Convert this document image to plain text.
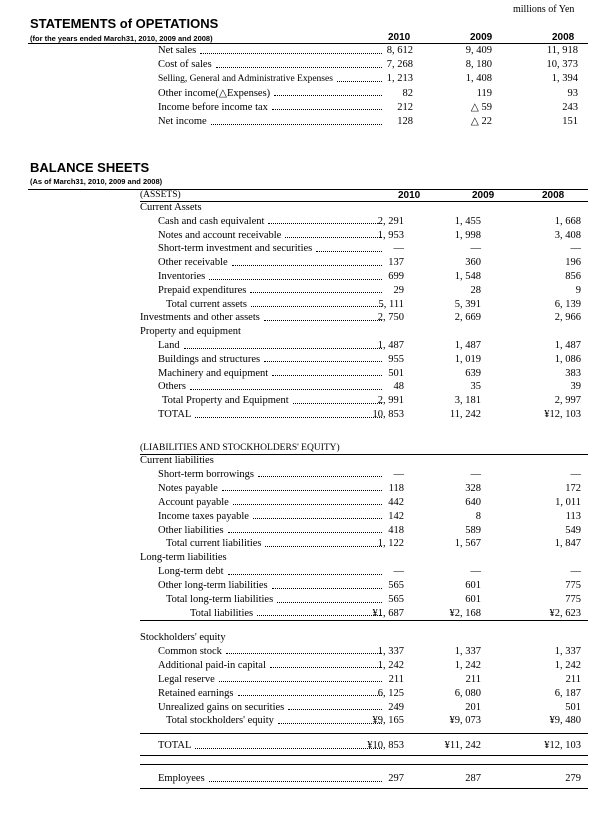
millions of Yen
STATEMENTS of OPETATIONS
(for the years ended March31, 2010, 2009 and 2008)	2010	2009	2008
Net sales	8, 612	9, 409	11, 918
Cost of sales	7, 268	8, 180	10, 373
Selling, General and Administrative Expenses	1, 213	1, 408	1, 394
Other income(△Expenses)	82	119	93
Income before income tax	212	△ 59	243
Net income	128	△ 22	151
BALANCE SHEETS
(As of March31, 2010, 2009 and 2008)
(ASSETS)	2010	2009	2008
Current Assets
Cash and cash equivalent	2, 291	1, 455	1, 668
Notes and account receivable	1, 953	1, 998	3, 408
Short-term investment and securities	—	—	—
Other receivable	137	360	196
Inventories	699	1, 548	856
Prepaid expenditures	29	28	9
Total current assets	5, 111	5, 391	6, 139
Investments and other assets	2, 750	2, 669	2, 966
Property and equipment
Land	1, 487	1, 487	1, 487
Buildings and structures	955	1, 019	1, 086
Machinery and equipment	501	639	383
Others	48	35	39
Total Property and Equipment	2, 991	3, 181	2, 997
TOTAL	10, 853	11, 242	¥12, 103
(LIABILITIES AND STOCKHOLDERS' EQUITY)
Current liabilities
Short-term borrowings	—	—	—
Notes payable	118	328	172
Account payable	442	640	1, 011
Income taxes payable	142	8	113
Other liabilities	418	589	549
Total current liabilities	1, 122	1, 567	1, 847
Long-term liabilities
Long-term debt	—	—	—
Other long-term liabilities	565	601	775
Total long-term liabilities	565	601	775
Total liabilities	¥1, 687	¥2, 168	¥2, 623
Stockholders' equity
Common stock	1, 337	1, 337	1, 337
Additional paid-in capital	1, 242	1, 242	1, 242
Legal reserve	211	211	211
Retained earnings	6, 125	6, 080	6, 187
Unrealized gains on securities	249	201	501
Total stockholders' equity	¥9, 165	¥9, 073	¥9, 480
TOTAL	¥10, 853	¥11, 242	¥12, 103
Employees	297	287	279
